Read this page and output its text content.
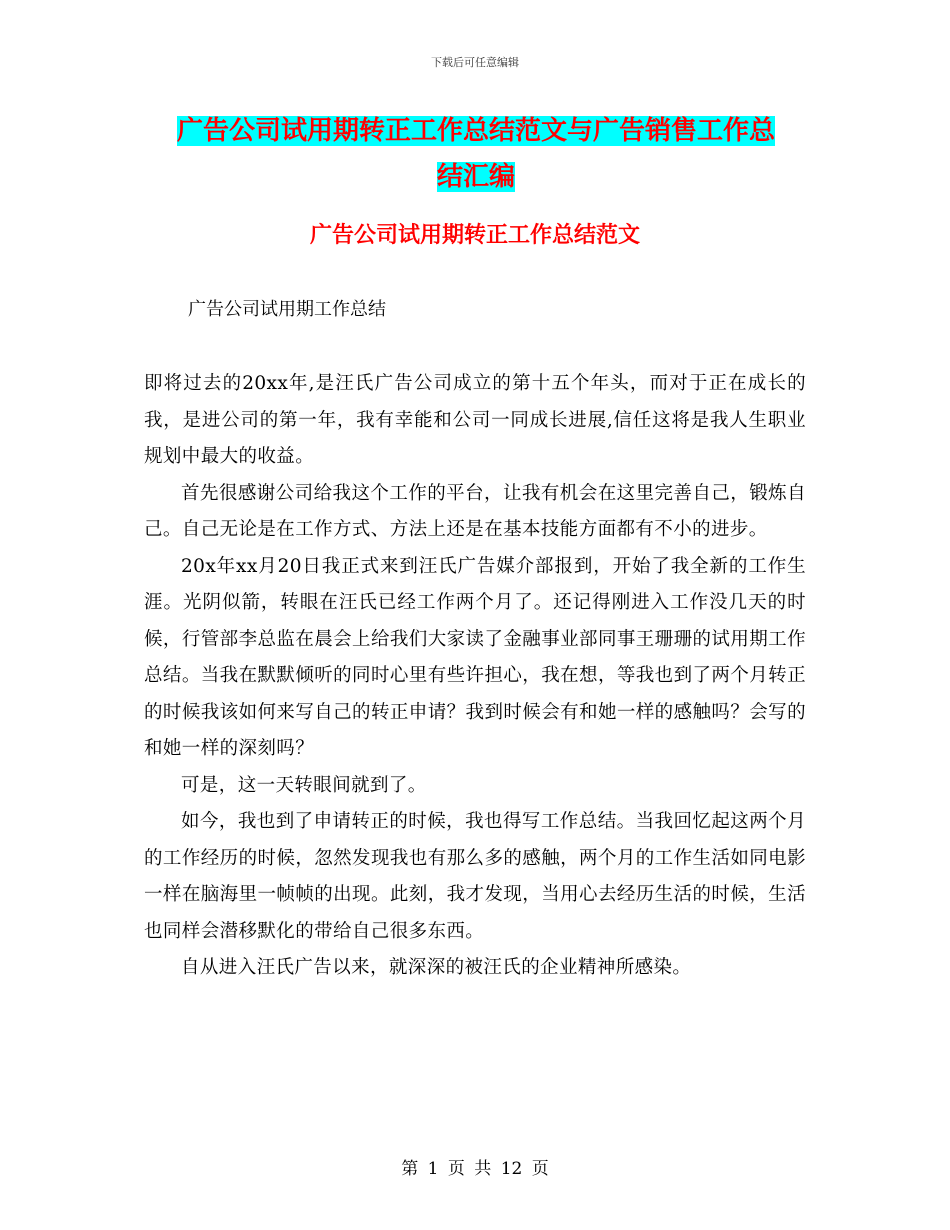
下载后可任意编辑
广告公司试用期转正工作总结范文与广告销售工作总
结汇编
广告公司试用期转正工作总结范文
广告公司试用期工作总结

即将过去的20xx年,是汪氏广告公司成立的第十五个年头，而对于正在成长的我，是进公司的第一年，我有幸能和公司一同成长进展,信任这将是我人生职业规划中最大的收益。

首先很感谢公司给我这个工作的平台，让我有机会在这里完善自己，锻炼自己。自己无论是在工作方式、方法上还是在基本技能方面都有不小的进步。

20x年xx月20日我正式来到汪氏广告媒介部报到，开始了我全新的工作生涯。光阴似箭，转眼在汪氏已经工作两个月了。还记得刚进入工作没几天的时候，行管部李总监在晨会上给我们大家读了金融事业部同事王珊珊的试用期工作总结。当我在默默倾听的同时心里有些许担心，我在想，等我也到了两个月转正的时候我该如何来写自己的转正申请？我到时候会有和她一样的感触吗？会写的和她一样的深刻吗？

可是，这一天转眼间就到了。

如今，我也到了申请转正的时候，我也得写工作总结。当我回忆起这两个月的工作经历的时候，忽然发现我也有那么多的感触，两个月的工作生活如同电影一样在脑海里一帧帧的出现。此刻，我才发现，当用心去经历生活的时候，生活也同样会潜移默化的带给自己很多东西。

自从进入汪氏广告以来，就深深的被汪氏的企业精神所感染。

第 1 页 共 12 页
